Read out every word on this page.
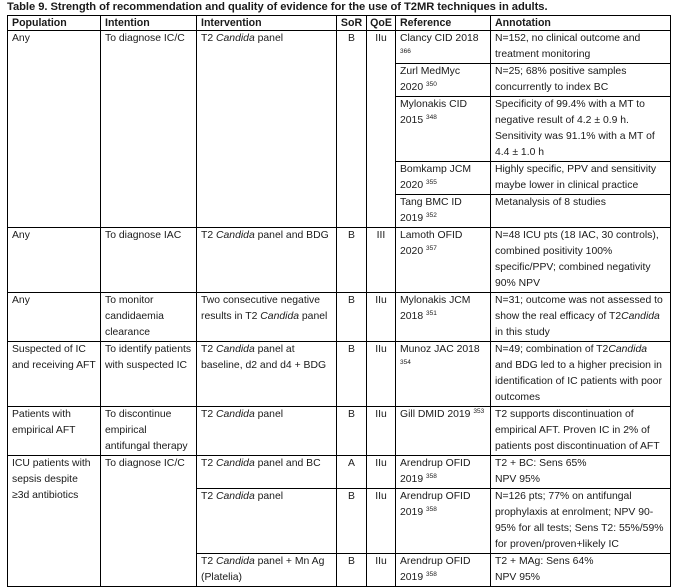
Table 9. Strength of recommendation and quality of evidence for the use of T2MR techniques in adults.
Population	Intention	Intervention	SoR	QoE	Reference	Annotation
Any	To diagnose IC/C	T2 Candida panel	B	IIu	Clancy CID 2018 $^{366}$	N=152, no clinical outcome and treatment monitoring
					Zurl MedMyc 2020 $^{350}$	N=25; 68% positive samples concurrently to index BC
					Mylonakis CID 2015 $^{348}$	Specificity of 99.4% with a MT to negative result of 4.2 ± 0.9 h. Sensitivity was 91.1% with a MT of 4.4 ± 1.0 h
					Bomkamp JCM 2020 $^{355}$	Highly specific, PPV and sensitivity maybe lower in clinical practice
					Tang BMC ID 2019 $^{352}$	Metanalysis of 8 studies
Any	To diagnose IAC	T2 Candida panel and BDG	B	III	Lamoth OFID 2020 $^{357}$	N=48 ICU pts (18 IAC, 30 controls), combined positivity 100% specific/PPV; combined negativity 90% NPV
Any	To monitor candidaemia clearance	Two consecutive negative results in T2 Candida panel	B	IIu	Mylonakis JCM 2018 $^{351}$	N=31; outcome was not assessed to show the real efficacy of T2Candida in this study
Suspected of IC and receiving AFT	To identify patients with suspected IC	T2 Candida panel at baseline, d2 and d4 + BDG	B	IIu	Munoz JAC 2018 $^{354}$	N=49; combination of T2Candida and BDG led to a higher precision in identification of IC patients with poor outcomes
Patients with empirical AFT	To discontinue empirical antifungal therapy	T2 Candida panel	B	IIu	Gill DMID 2019 $^{353}$	T2 supports discontinuation of empirical AFT. Proven IC in 2% of patients post discontinuation of AFT
ICU patients with sepsis despite ≥3d antibiotics	To diagnose IC/C	T2 Candida panel and BC	A	IIu	Arendrup OFID 2019 $^{358}$	T2 + BC: Sens 65%
NPV 95%

		T2 Candida panel	B	IIu	Arendrup OFID 2019 $^{358}$	N=126 pts; 77% on antifungal prophylaxis at enrolment; NPV 90-95% for all tests; Sens T2: 55%/59% for proven/proven+likely IC
		T2 Candida panel + Mn Ag (Platelia)	B	IIu	Arendrup OFID 2019 $^{358}$	T2 + MAg: Sens 64%
NPV 95%
